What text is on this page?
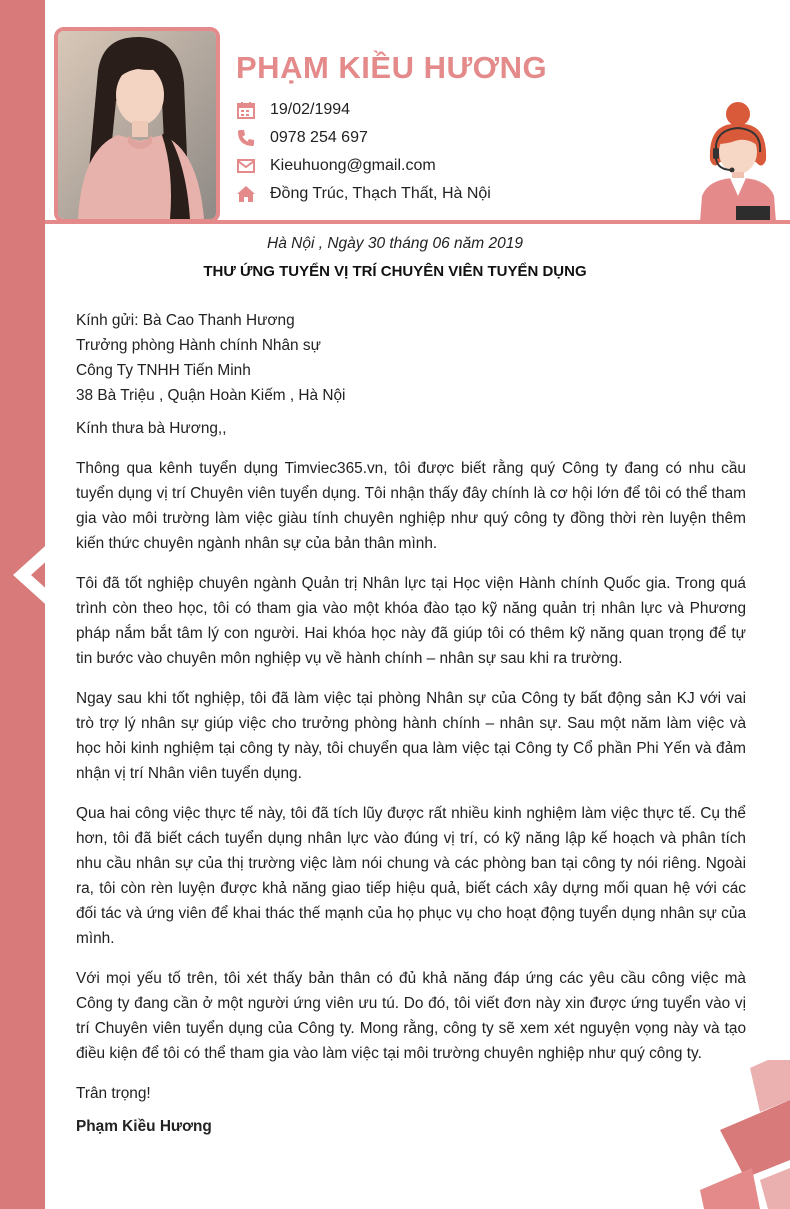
PHẠM KIỀU HƯƠNG
19/02/1994
0978 254 697
Kieuhuong@gmail.com
Đồng Trúc, Thạch Thất, Hà Nội
Hà Nội , Ngày 30 tháng 06 năm 2019
THƯ ỨNG TUYỂN VỊ TRÍ CHUYÊN VIÊN TUYỂN DỤNG

Kính gửi: Bà Cao Thanh Hương

Trưởng phòng Hành chính Nhân sự

Công Ty TNHH Tiến Minh

38 Bà Triệu , Quận Hoàn Kiếm , Hà Nội

Kính thưa bà Hương,,

Thông qua kênh tuyển dụng Timviec365.vn, tôi được biết rằng quý Công ty đang có nhu cầu tuyển dụng vị trí Chuyên viên tuyển dụng. Tôi nhận thấy đây chính là cơ hội lớn để tôi có thể tham gia vào môi trường làm việc giàu tính chuyên nghiệp như quý công ty đồng thời rèn luyện thêm kiến thức chuyên ngành nhân sự của bản thân mình.

Tôi đã tốt nghiệp chuyên ngành Quản trị Nhân lực tại Học viện Hành chính Quốc gia. Trong quá trình còn theo học, tôi có tham gia vào một khóa đào tạo kỹ năng quản trị nhân lực và Phương pháp nắm bắt tâm lý con người. Hai khóa học này đã giúp tôi có thêm kỹ năng quan trọng để tự tin bước vào chuyên môn nghiệp vụ về hành chính – nhân sự sau khi ra trường.

Ngay sau khi tốt nghiệp, tôi đã làm việc tại phòng Nhân sự của Công ty bất động sản KJ với vai trò trợ lý nhân sự giúp việc cho trưởng phòng hành chính – nhân sự. Sau một năm làm việc và học hỏi kinh nghiệm tại công ty này, tôi chuyển qua làm việc tại Công ty Cổ phần Phi Yến và đảm nhận vị trí Nhân viên tuyển dụng.

Qua hai công việc thực tế này, tôi đã tích lũy được rất nhiều kinh nghiệm làm việc thực tế. Cụ thể hơn, tôi đã biết cách tuyển dụng nhân lực vào đúng vị trí, có kỹ năng lập kế hoạch và phân tích nhu cầu nhân sự của thị trường việc làm nói chung và các phòng ban tại công ty nói riêng. Ngoài ra, tôi còn rèn luyện được khả năng giao tiếp hiệu quả, biết cách xây dựng mối quan hệ với các đối tác và ứng viên để khai thác thế mạnh của họ phục vụ cho hoạt động tuyển dụng nhân sự của mình.

Với mọi yếu tố trên, tôi xét thấy bản thân có đủ khả năng đáp ứng các yêu cầu công việc mà Công ty đang cần ở một người ứng viên ưu tú. Do đó, tôi viết đơn này xin được ứng tuyển vào vị trí Chuyên viên tuyển dụng của Công ty. Mong rằng, công ty sẽ xem xét nguyện vọng này và tạo điều kiện để tôi có thể tham gia vào làm việc tại môi trường chuyên nghiệp như quý công ty.

Trân trọng!

Phạm Kiều Hương
